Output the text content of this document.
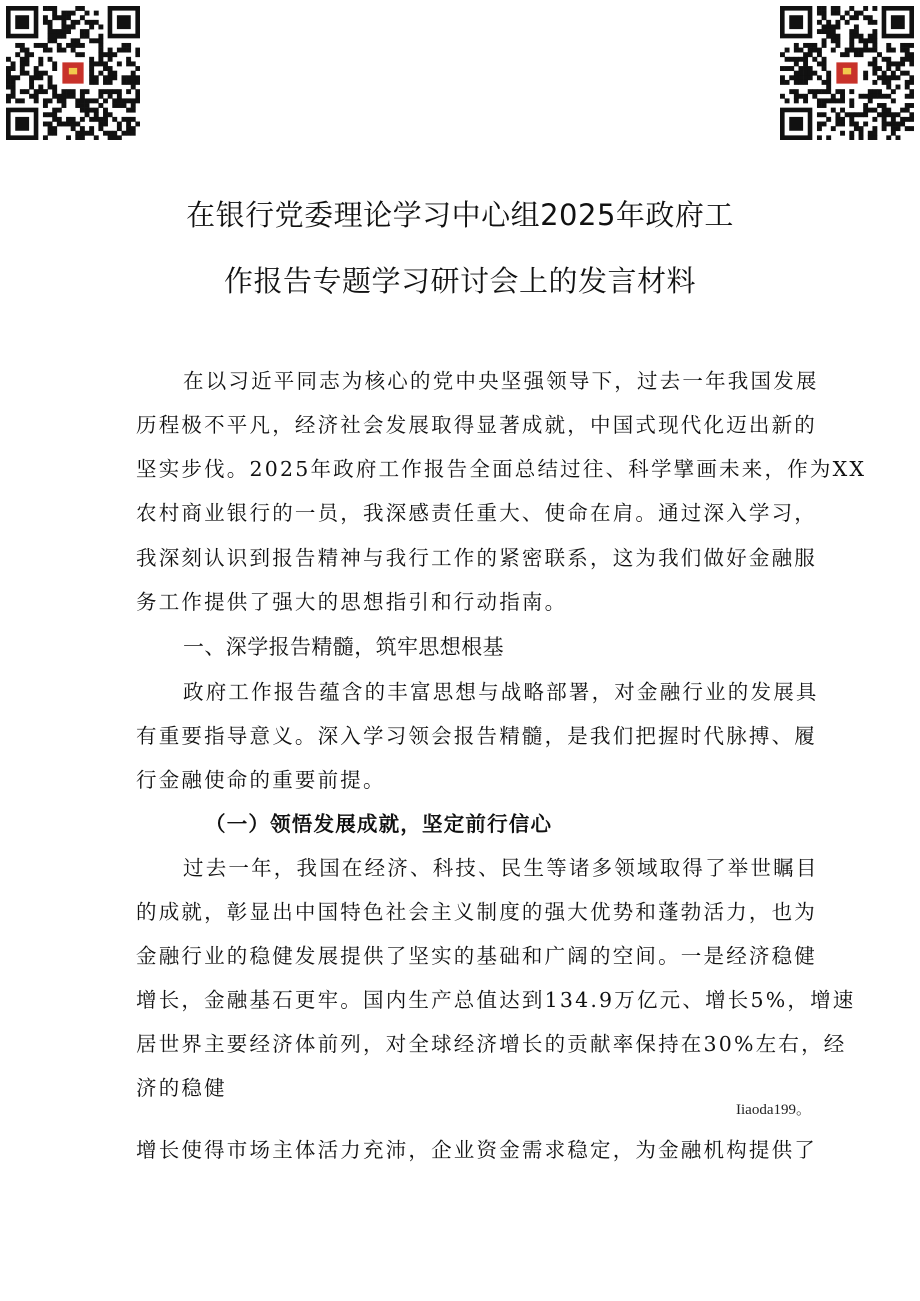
在银行党委理论学习中心组2025年政府工
作报告专题学习研讨会上的发言材料
在以习近平同志为核心的党中央坚强领导下，过去一年我国发展
历程极不平凡，经济社会发展取得显著成就，中国式现代化迈出新的
坚实步伐。2025年政府工作报告全面总结过往、科学擘画未来，作为XX
农村商业银行的一员，我深感责任重大、使命在肩。通过深入学习，
我深刻认识到报告精神与我行工作的紧密联系，这为我们做好金融服
务工作提供了强大的思想指引和行动指南。
一、深学报告精髓，筑牢思想根基
政府工作报告蕴含的丰富思想与战略部署，对金融行业的发展具
有重要指导意义。深入学习领会报告精髓，是我们把握时代脉搏、履
行金融使命的重要前提。
（一）领悟发展成就，坚定前行信心
过去一年，我国在经济、科技、民生等诸多领域取得了举世瞩目
的成就，彰显出中国特色社会主义制度的强大优势和蓬勃活力，也为
金融行业的稳健发展提供了坚实的基础和广阔的空间。一是经济稳健
增长，金融基石更牢。国内生产总值达到134.9万亿元、增长5%，增速
居世界主要经济体前列，对全球经济增长的贡献率保持在30%左右，经
济的稳健
Iiaoda199。
增长使得市场主体活力充沛，企业资金需求稳定，为金融机构提供了
